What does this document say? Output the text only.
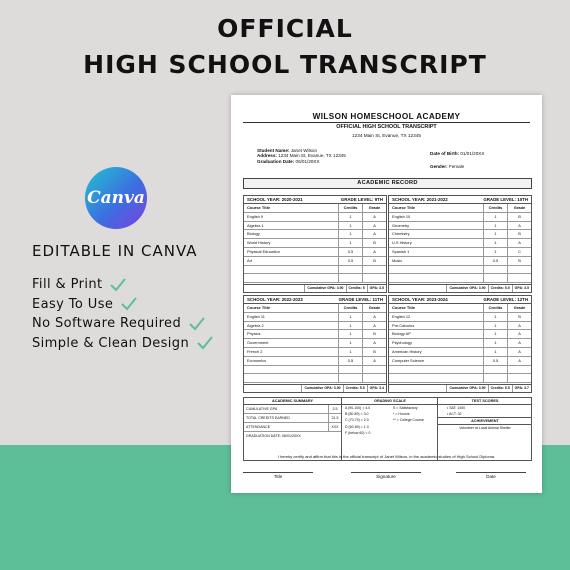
OFFICIAL
HIGH SCHOOL TRANSCRIPT
Canva
EDITABLE IN CANVA
Fill & Print
Easy To Use
No Software Required
Simple & Clean Design
WILSON HOMESCHOOL ACADEMY
OFFICIAL HIGH SCHOOL TRANSCRIPT
1234 Main St, Evanue, TX 12345
Student Name: Janet Wilson
Address: 1234 Main St, Evanue, TX 12345
Graduation Date: 06/01/20XX
Date of Birth: 01/01/20XX
Gender: Female
ACADEMIC RECORD
SCHOOL YEAR: 2020-2021	GRADE LEVEL: 9TH
Course Title	Credits	Grade
English 9	1	A
Algebra 1	1	A
Biology	1	A
World History	1	B
Physical Education	0.5	A
Art	0.5	B
Cumulative GPA: 3.90	Credits: 5	GPA: 3.5
SCHOOL YEAR: 2021-2022	GRADE LEVEL: 10TH
Course Title	Credits	Grade
English 10	1	B
Geometry	1	A
Chemistry	1	B
U.S History	1	A
Spanish 1	1	C
Music	0.5	B
Cumulative GPA: 3.90	Credits: 5.5	GPA: 3.5
SCHOOL YEAR: 2022-2023	GRADE LEVEL: 11TH
Course Title	Credits	Grade
English 11	1	A
Algebra 2	1	A
Physics	1	B
Government	1	A
French 2	1	B
Economics	0.5	A
Cumulative GPA: 3.90	Credits: 5.5	GPA: 3.4
SCHOOL YEAR: 2023-2024	GRADE LEVEL: 12TH
Course Title	Credits	Grade
English 12	1	B
Pre-Calculus	1	A
Biology AP	1	A
Psychology	1	A
American History	1	A
Computer Science	0.5	A
Cumulative GPA: 3.90	Credits: 5.5	GPA: 3.7
ACADEMIC SUMMARY
CUMULATIVE GPA	3.5
TOTAL CREDITS EARNED	21.5
ATTENDANCE	XXX
GRADUATION DATE: 06/01/20XX
GRADING SCALE
A (90-100) = 4.0
B (80-89) = 3.0
C (70-79) = 2.0
D (60-69) = 1.0
F (below 60) = 0
S = Satisfactory
* = Honors
** = College Course
TEST SCORES
• SAT: 1400
• ACT: 32
ACHIEVEMENT
Volunteer at Local Animal Shelter
I hereby certify and affirm that this is the official transcript of Janet Wilson, in the academic studies of High School Diploma.
Title	Signature	Date
